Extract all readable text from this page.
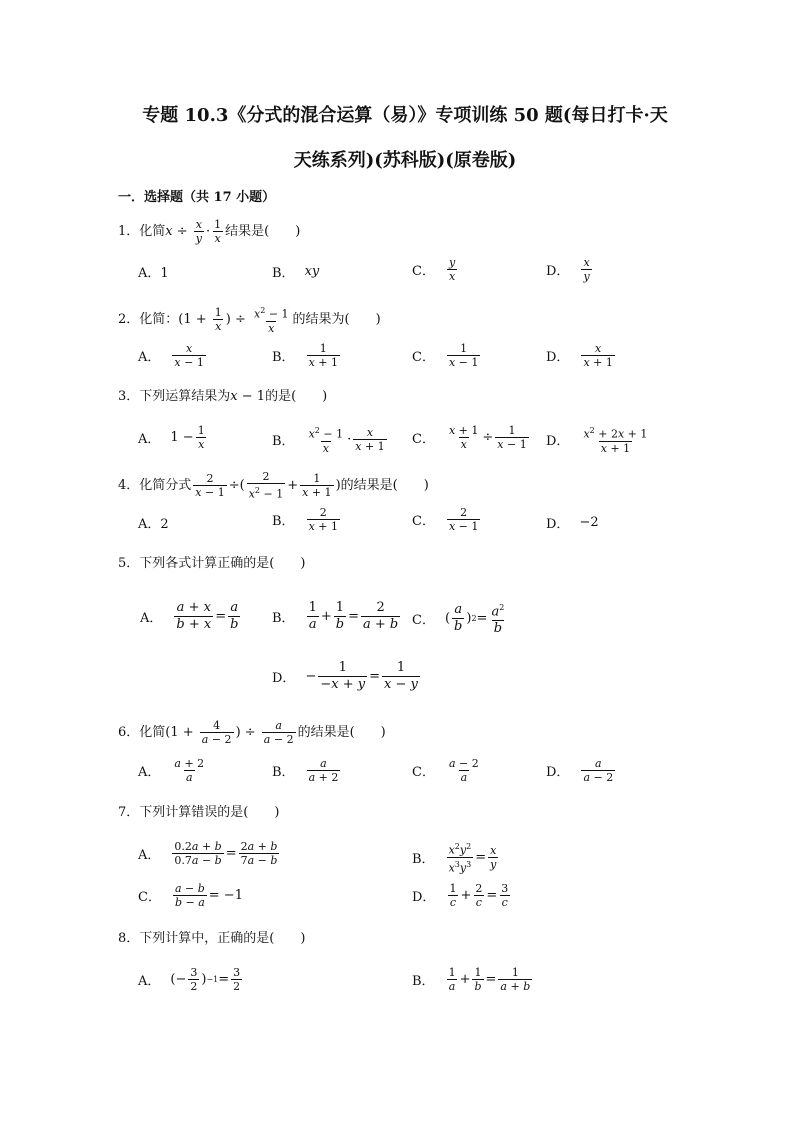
专题 10.3《分式的混合运算（易）》专项训练 50 题(每日打卡·天
天练系列)(苏科版)(原卷版)
一．选择题（共 17 小题）
1．化简$x \div \frac{x}{y} \cdot \frac{1}{x}$ 结果是(　　)
A．1	B． xy	C． $\frac{y}{x}$	D． $\frac{x}{y}$
2．化简：($1 + \frac{1}{x}$ ) ÷ $\frac{x^2 - 1}{x}$ 的结果为(　　)
A． $\frac{x}{x - 1}$	B． $\frac{1}{x + 1}$	C． $\frac{1}{x - 1}$	D． $\frac{x}{x + 1}$
3．下列运算结果为x − 1的是(　　)
A． $1 - \frac{1}{x}$	B． $\frac{x^2 - 1}{x} \cdot \frac{x}{x + 1}$ C． $\frac{x + 1}{x} \div \frac{1}{x - 1}$ D． $\frac{x^2 + 2x + 1}{x + 1}$
4．化简分式 $\frac{2}{x - 1}$ ÷( $\frac{2}{x^2 - 1} + \frac{1}{x + 1}$ )的结果是(　　)
A．2	B． $\frac{2}{x + 1}$	C． $\frac{2}{x - 1}$	D． −2
5．下列各式计算正确的是(　　)
A． $\frac{a + x}{b + x} = \frac{a}{b}$ B． $\frac{1}{a} + \frac{1}{b} = \frac{2}{a + b}$ C． ( $\frac{a}{b}$ ) $2 = \frac{a^2}{b}$
D． − $\frac{1}{-x + y} = \frac{1}{x - y}$
6．化简($1 + \frac{4}{a - 2}$ ) ÷ $\frac{a}{a - 2}$ 的结果是(　　)
A． $\frac{a + 2}{a}$	B． $\frac{a}{a + 2}$	C． $\frac{a - 2}{a}$	D． $\frac{a}{a - 2}$
7．下列计算错误的是(　　)
A． $\frac{0.2a + b}{0.7a - b} = \frac{2a + b}{7a - b}$	B． $\frac{x^2y^2}{x^3y^3} = \frac{x}{y}$
C． $\frac{a - b}{b - a} = -1$	D． $\frac{1}{c} + \frac{2}{c} = \frac{3}{c}$
8．下列计算中，正确的是(　　)
A． (− $\frac{3}{2}$ ) $-1 = \frac{3}{2}$	B． $\frac{1}{a} + \frac{1}{b} = \frac{1}{a + b}$
